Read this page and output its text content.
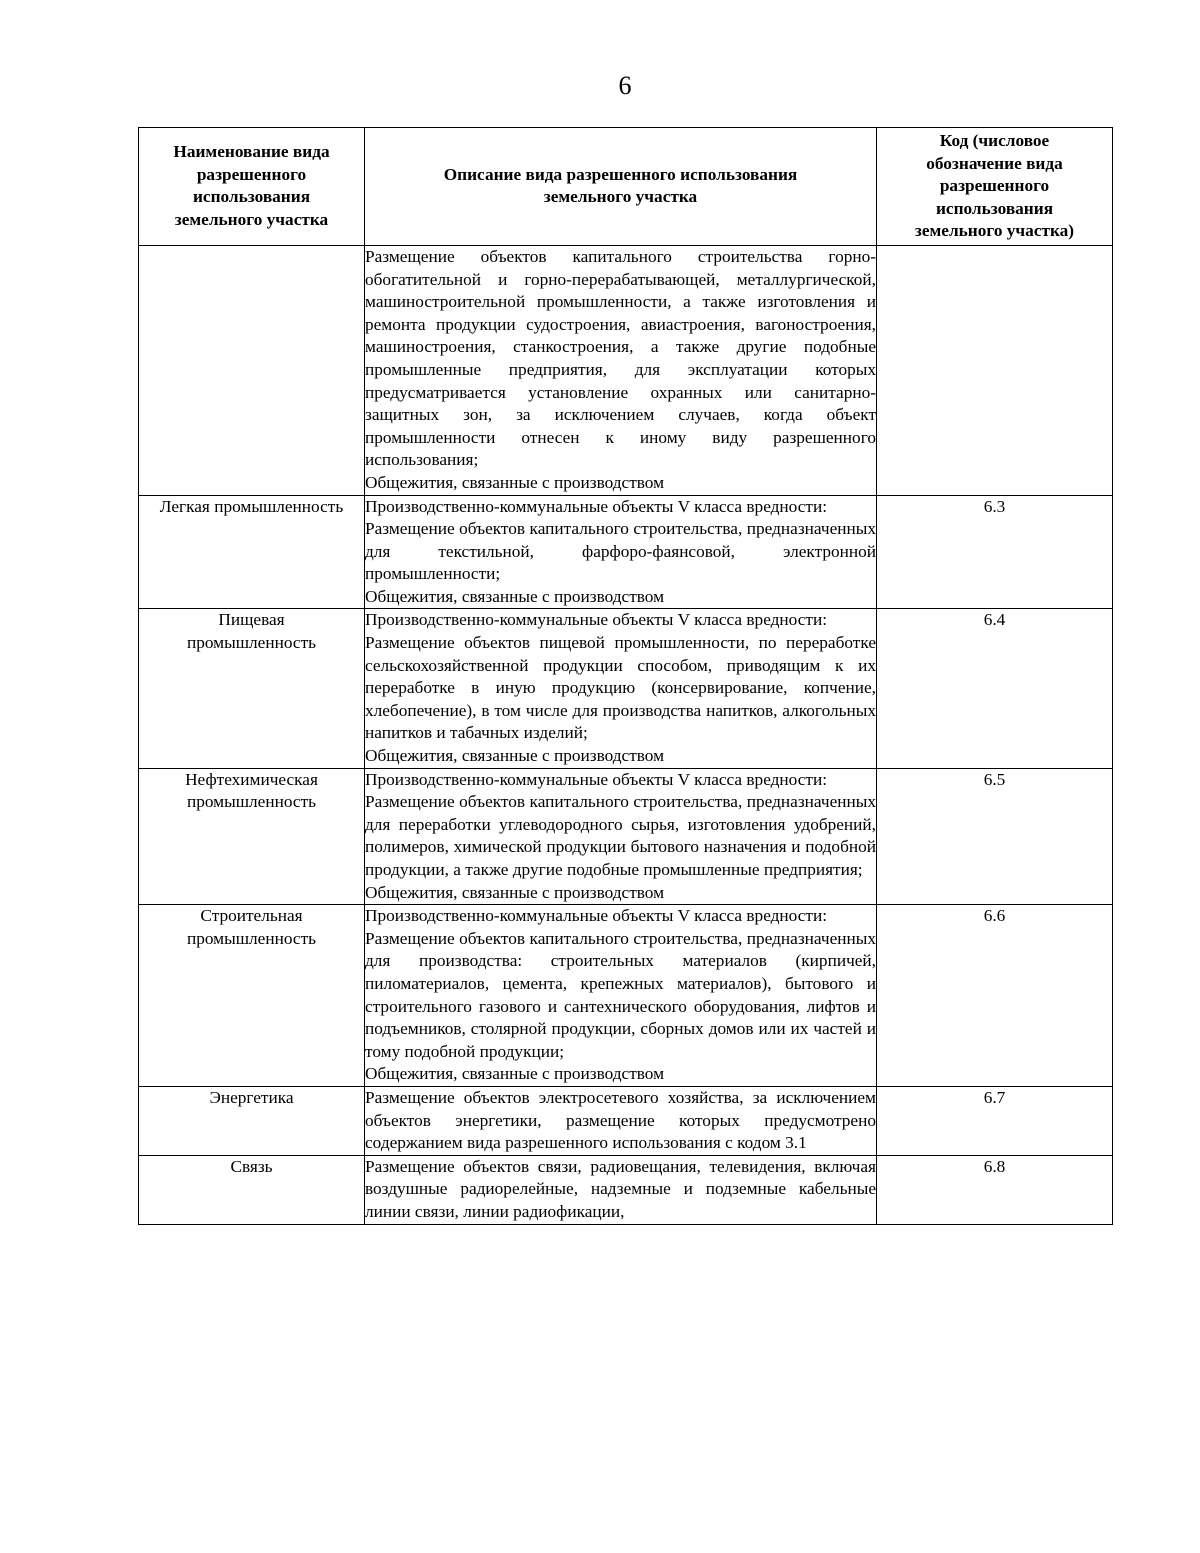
6
Наименование вида разрешенного использования земельного участка	Описание вида разрешенного использования земельного участка	Код (числовое обозначение вида разрешенного использования земельного участка)

	Размещение объектов капитального строительства горно-обогатительной и горно-перерабатывающей, металлургической, машиностроительной промышленности, а также изготовления и ремонта продукции судостроения, авиастроения, вагоностроения, машиностроения, станкостроения, а также другие подобные промышленные предприятия, для эксплуатации которых предусматривается установление охранных или санитарно-защитных зон, за исключением случаев, когда объект промышленности отнесен к иному виду разрешенного использования;
Общежития, связанные с производством	

Легкая промышленность	Производственно-коммунальные объекты V класса вредности:
Размещение объектов капитального строительства, предназначенных для текстильной, фарфоро-фаянсовой, электронной промышленности;
Общежития, связанные с производством	6.3
Пищевая промышленность	Производственно-коммунальные объекты V класса вредности:
Размещение объектов пищевой промышленности, по переработке сельскохозяйственной продукции способом, приводящим к их переработке в иную продукцию (консервирование, копчение, хлебопечение), в том числе для производства напитков, алкогольных напитков и табачных изделий;
Общежития, связанные с производством	6.4
Нефтехимическая промышленность	Производственно-коммунальные объекты V класса вредности:
Размещение объектов капитального строительства, предназначенных для переработки углеводородного сырья, изготовления удобрений, полимеров, химической продукции бытового назначения и подобной продукции, а также другие подобные промышленные предприятия;
Общежития, связанные с производством	6.5
Строительная промышленность	Производственно-коммунальные объекты V класса вредности:
Размещение объектов капитального строительства, предназначенных для производства: строительных материалов (кирпичей, пиломатериалов, цемента, крепежных материалов), бытового и строительного газового и сантехнического оборудования, лифтов и подъемников, столярной продукции, сборных домов или их частей и тому подобной продукции;
Общежития, связанные с производством	6.6
Энергетика	Размещение объектов электросетевого хозяйства, за исключением объектов энергетики, размещение которых предусмотрено содержанием вида разрешенного использования с кодом 3.1	6.7
Связь	Размещение объектов связи, радиовещания, телевидения, включая воздушные радиорелейные, надземные и подземные кабельные линии связи, линии радиофикации,	6.8
